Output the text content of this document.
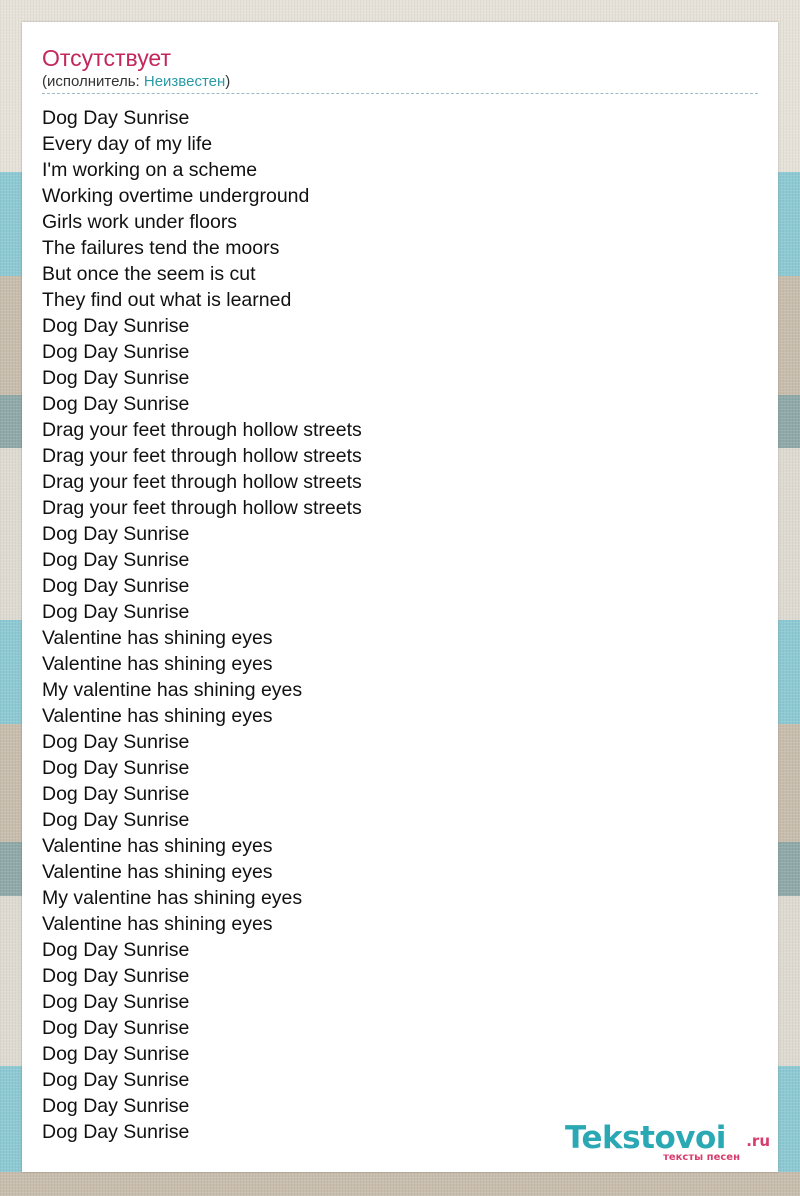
Отсутствует
(исполнитель: Неизвестен)
Dog Day Sunrise
Every day of my life
I'm working on a scheme
Working overtime underground
Girls work under floors
The failures tend the moors
But once the seem is cut
They find out what is learned
Dog Day Sunrise
Dog Day Sunrise
Dog Day Sunrise
Dog Day Sunrise
Drag your feet through hollow streets
Drag your feet through hollow streets
Drag your feet through hollow streets
Drag your feet through hollow streets
Dog Day Sunrise
Dog Day Sunrise
Dog Day Sunrise
Dog Day Sunrise
Valentine has shining eyes
Valentine has shining eyes
My valentine has shining eyes
Valentine has shining eyes
Dog Day Sunrise
Dog Day Sunrise
Dog Day Sunrise
Dog Day Sunrise
Valentine has shining eyes
Valentine has shining eyes
My valentine has shining eyes
Valentine has shining eyes
Dog Day Sunrise
Dog Day Sunrise
Dog Day Sunrise
Dog Day Sunrise
Dog Day Sunrise
Dog Day Sunrise
Dog Day Sunrise
Dog Day Sunrise	Tekstovoi .ru
тексты песен
